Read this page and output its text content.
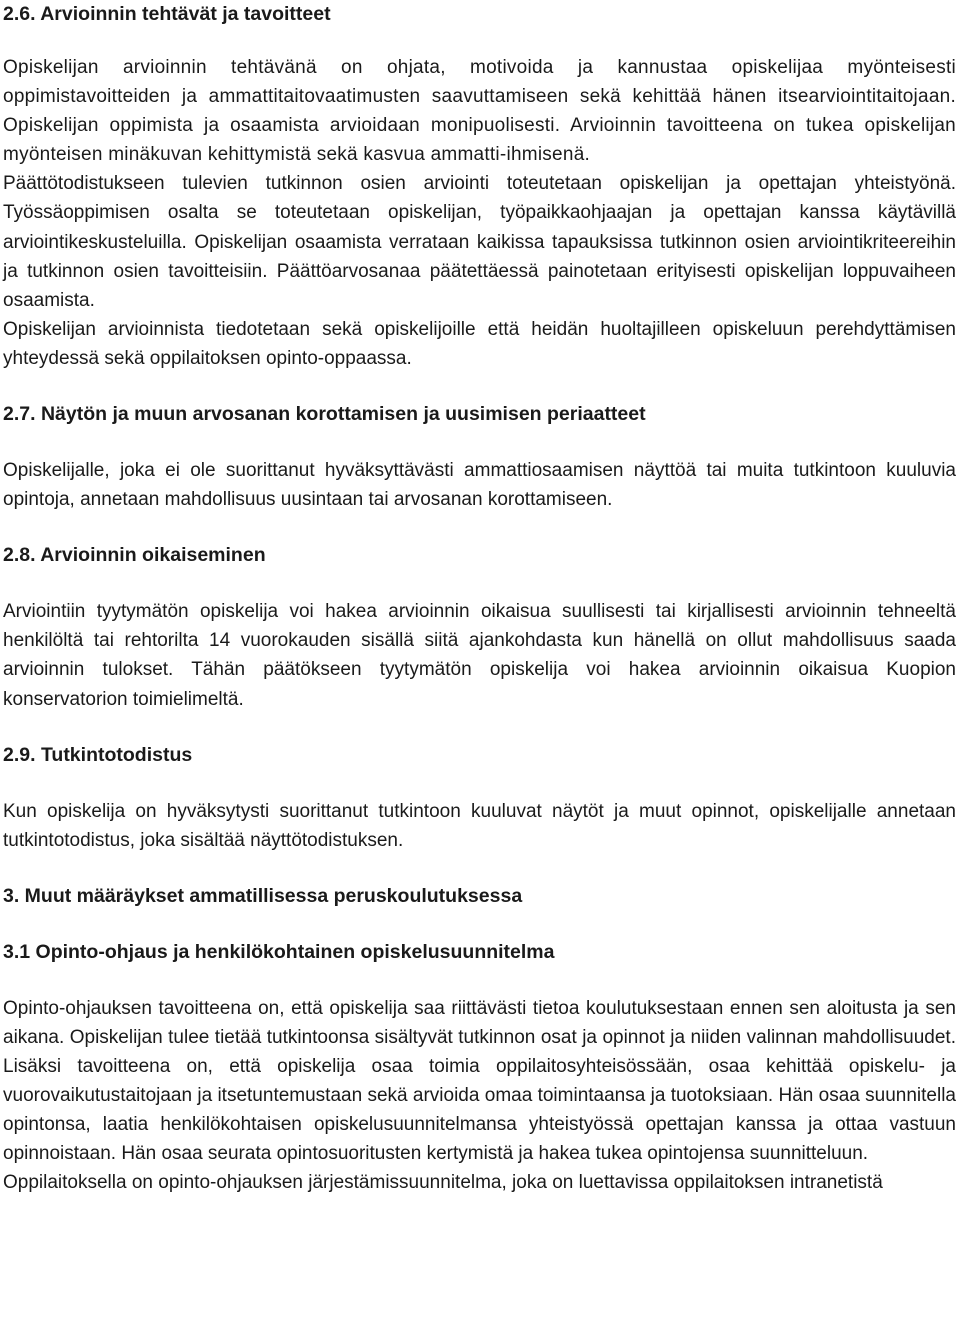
2.6. Arvioinnin tehtävät ja tavoitteet

Opiskelijan arvioinnin tehtävänä on ohjata, motivoida ja kannustaa opiskelijaa myönteisesti oppimistavoitteiden ja ammattitaitovaatimusten saavuttamiseen sekä kehittää hänen itsearviointitaitojaan. Opiskelijan oppimista ja osaamista arvioidaan monipuolisesti. Arvioinnin tavoitteena on tukea opiskelijan myönteisen minäkuvan kehittymistä sekä kasvua ammatti-ihmisenä.

Päättötodistukseen tulevien tutkinnon osien arviointi toteutetaan opiskelijan ja opettajan yhteistyönä. Työssäoppimisen osalta se toteutetaan opiskelijan, työpaikkaohjaajan ja opettajan kanssa käytävillä arviointikeskusteluilla. Opiskelijan osaamista verrataan kaikissa tapauksissa tutkinnon osien arviointikriteereihin ja tutkinnon osien tavoitteisiin. Päättöarvosanaa päätettäessä painotetaan erityisesti opiskelijan loppuvaiheen osaamista.

Opiskelijan arvioinnista tiedotetaan sekä opiskelijoille että heidän huoltajilleen opiskeluun perehdyttämisen yhteydessä sekä oppilaitoksen opinto-oppaassa.

2.7. Näytön ja muun arvosanan korottamisen ja uusimisen periaatteet

Opiskelijalle, joka ei ole suorittanut hyväksyttävästi ammattiosaamisen näyttöä tai muita tutkintoon kuuluvia opintoja, annetaan mahdollisuus uusintaan tai arvosanan korottamiseen.

2.8. Arvioinnin oikaiseminen

Arviointiin tyytymätön opiskelija voi hakea arvioinnin oikaisua suullisesti tai kirjallisesti arvioinnin tehneeltä henkilöltä tai rehtorilta 14 vuorokauden sisällä siitä ajankohdasta kun hänellä on ollut mahdollisuus saada arvioinnin tulokset. Tähän päätökseen tyytymätön opiskelija voi hakea arvioinnin oikaisua Kuopion konservatorion toimielimeltä.

2.9. Tutkintotodistus

Kun opiskelija on hyväksytysti suorittanut tutkintoon kuuluvat näytöt ja muut opinnot, opiskelijalle annetaan tutkintotodistus, joka sisältää näyttötodistuksen.

3. Muut määräykset ammatillisessa peruskoulutuksessa
3.1 Opinto-ohjaus ja henkilökohtainen opiskelusuunnitelma

Opinto-ohjauksen tavoitteena on, että opiskelija saa riittävästi tietoa koulutuksestaan ennen sen aloitusta ja sen aikana. Opiskelijan tulee tietää tutkintoonsa sisältyvät tutkinnon osat ja opinnot ja niiden valinnan mahdollisuudet. Lisäksi tavoitteena on, että opiskelija osaa toimia oppilaitosyhteisössään, osaa kehittää opiskelu- ja vuorovaikutustaitojaan ja itsetuntemustaan sekä arvioida omaa toimintaansa ja tuotoksiaan. Hän osaa suunnitella opintonsa, laatia henkilökohtaisen opiskelusuunnitelmansa yhteistyössä opettajan kanssa ja ottaa vastuun opinnoistaan. Hän osaa seurata opintosuoritusten kertymistä ja hakea tukea opintojensa suunnitteluun.

Oppilaitoksella on opinto-ohjauksen järjestämissuunnitelma, joka on luettavissa oppilaitoksen intranetistä
